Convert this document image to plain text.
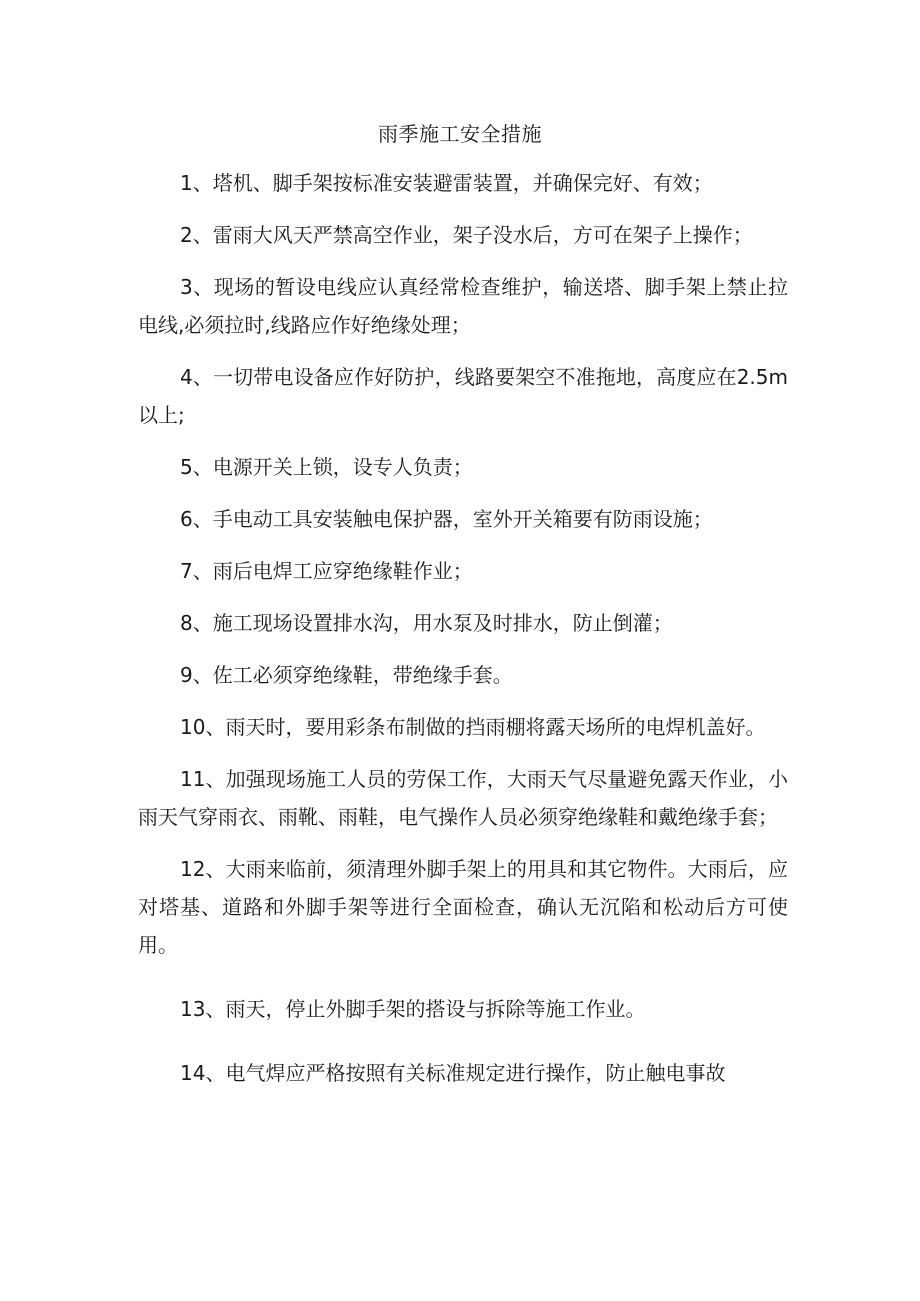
雨季施工安全措施

1、塔机、脚手架按标准安装避雷装置，并确保完好、有效；

2、雷雨大风天严禁高空作业，架子没水后，方可在架子上操作；

3、现场的暂设电线应认真经常检查维护，输送塔、脚手架上禁止拉电线,必须拉时,线路应作好绝缘处理；

4、一切带电设备应作好防护，线路要架空不准拖地，高度应在2.5m以上;

5、电源开关上锁，设专人负责；

6、手电动工具安装触电保护器，室外开关箱要有防雨设施；

7、雨后电焊工应穿绝缘鞋作业；

8、施工现场设置排水沟，用水泵及时排水，防止倒灌；

9、佐工必须穿绝缘鞋，带绝缘手套。

10、雨天时，要用彩条布制做的挡雨棚将露天场所的电焊机盖好。

11、加强现场施工人员的劳保工作，大雨天气尽量避免露天作业，小雨天气穿雨衣、雨靴、雨鞋，电气操作人员必须穿绝缘鞋和戴绝缘手套；

12、大雨来临前，须清理外脚手架上的用具和其它物件。大雨后，应对塔基、道路和外脚手架等进行全面检查，确认无沉陷和松动后方可使用。

13、雨天，停止外脚手架的搭设与拆除等施工作业。

14、电气焊应严格按照有关标准规定进行操作，防止触电事故
